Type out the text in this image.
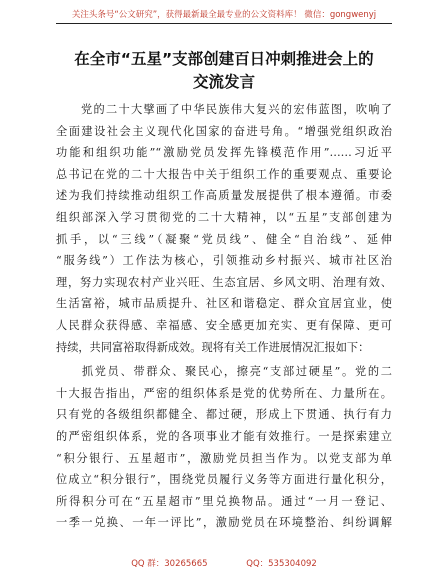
关注头条号“公文研究”，获得最新最全最专业的公文资料库！ 微信：gongwenyj
在全市“五星”支部创建百日冲刺推进会上的
交流发言
　　党的二十大擘画了中华民族伟大复兴的宏伟蓝图，吹响了
全面建设社会主义现代化国家的奋进号角。“增强党组织政治
功能和组织功能”“激励党员发挥先锋模范作用”……习近平
总书记在党的二十大报告中关于组织工作的重要观点、重要论
述为我们持续推动组织工作高质量发展提供了根本遵循。市委
组织部深入学习贯彻党的二十大精神，以“五星”支部创建为
抓手，以“三线”（凝聚“党员线”、健全“自治线”、延伸
“服务线”）工作法为核心，引领推动乡村振兴、城市社区治
理，努力实现农村产业兴旺、生态宜居、乡风文明、治理有效、
生活富裕，城市品质提升、社区和谐稳定、群众宜居宜业，使
人民群众获得感、幸福感、安全感更加充实、更有保障、更可
持续，共同富裕取得新成效。现将有关工作进展情况汇报如下：
　　抓党员、带群众、聚民心，擦亮“支部过硬星”。党的二
十大报告指出，严密的组织体系是党的优势所在、力量所在。
只有党的各级组织都健全、都过硬，形成上下贯通、执行有力
的严密组织体系，党的各项事业才能有效推行。一是探索建立
“积分银行、五星超市”，激励党员担当作为。以党支部为单
位成立“积分银行”，围绕党员履行义务等方面进行量化积分，
所得积分可在“五星超市”里兑换物品。通过“一月一登记、
一季一兑换、一年一评比”，激励党员在环境整治、纠纷调解
QQ 群：30265665	QQ：535304092
